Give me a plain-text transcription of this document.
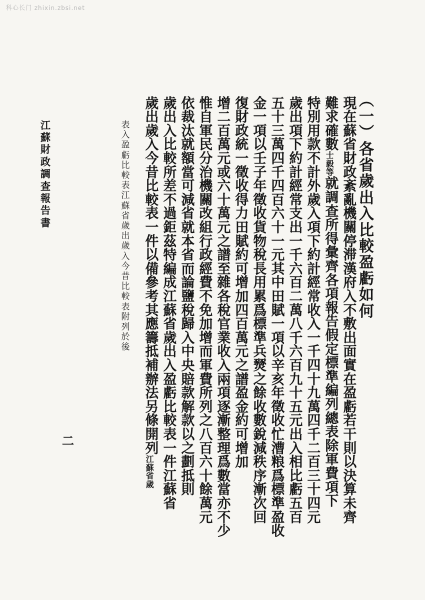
科心长门 zhixin.zbsi.net
（一）各省歲出入比較盈虧如何
現在蘇省財政紊亂機關停滞漢府入不敷出面實在盈虧若干則以決算未齊
難求確數士毅等就調查所得彙齊各項報告假定標準編列總表除軍費項下
特別用款不計外歲入項下約計經常收入一千四十九萬四千二百三十四元
歲出項下約計經常支出一千六百二萬八千六百九十五元出入相比虧五百
五十三萬四千四百六十一元其中田賦一項以辛亥年徵收忙漕粮爲標準盈收
金一項以壬子年徵收貨物稅長用累爲標準兵燹之餘收數銳減秩序漸次回
復財政統一徵收得力田賦約可增加四百萬元之譜盈金約可增加
增二百萬元或六十萬元之譜至雜各稅官業收入兩項逐漸整理爲數當亦不少
惟自軍民分治機關改組行政經費不免加增而軍費所列之八百六十餘萬元
依裁汰就額當可減省就本省而論鹽稅歸入中央賠款解款以之劃抵則
歲出入比較所差不過鉅茲特編成江蘇省歲出入盈虧比較表一件江蘇省
歲出歲入今昔比較表一件以備參考其應籌抵補辦法另條開列江蘇省歲
表入盈虧比較表江蘇省歲出歲入今昔比較表附列於後
江蘇財政調查報告書
二
